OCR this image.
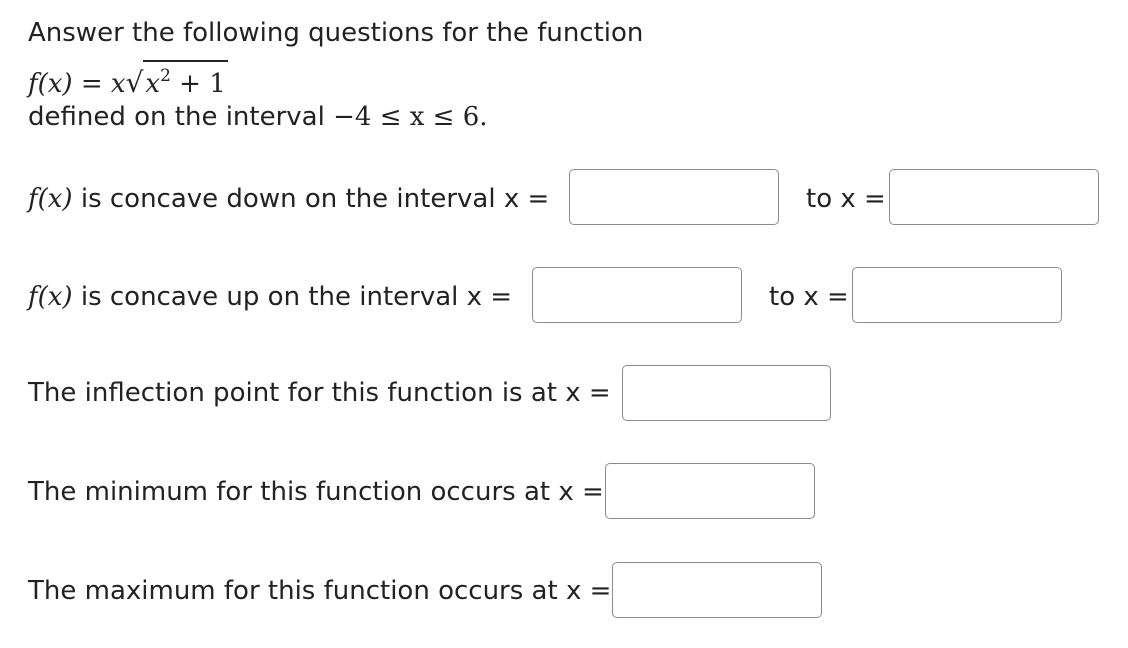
Answer the following questions for the function
$f(x) = x√x^2 + 1$
defined on the interval −4 ≤ x ≤ 6.
f(x) is concave down on the interval x =	to x =
f(x) is concave up on the interval x =	to x =
The inflection point for this function is at x =
The minimum for this function occurs at x =
The maximum for this function occurs at x =
